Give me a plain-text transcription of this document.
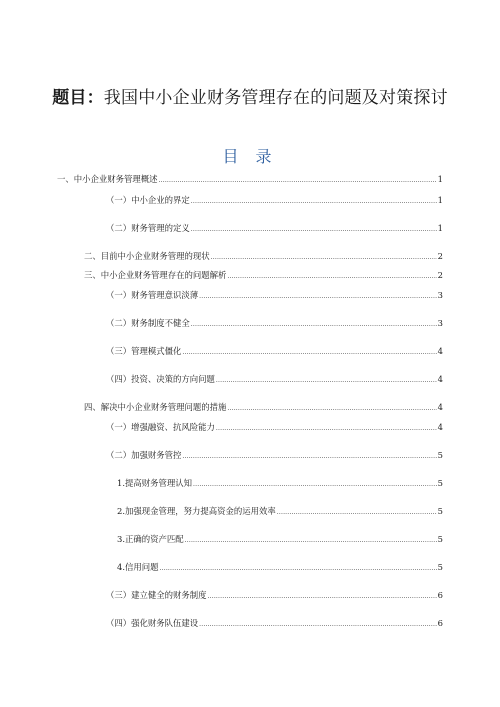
题目：我国中小企业财务管理存在的问题及对策探讨
目 录
一、中小企业财务管理概述 .....	1
（一）中小企业的界定 .....	1
（二）财务管理的定义 .....	1
二、目前中小企业财务管理的现状 .....	2
三、中小企业财务管理存在的问题解析 .....	2
（一）财务管理意识淡薄 .....	3
（二）财务制度不健全 .....	3
（三）管理模式僵化 .....	4
（四）投资、决策的方向问题 .....	4
四、解决中小企业财务管理问题的措施 .....	4
（一）增强融资、抗风险能力 .....	4
（二）加强财务管控 .....	5
1.提高财务管理认知 .....	5
2.加强现金管理，努力提高资金的运用效率 .....	5
3.正确的资产匹配 .....	5
4.信用问题 .....	5
（三）建立健全的财务制度 .....	6
（四）强化财务队伍建设 .....	6
